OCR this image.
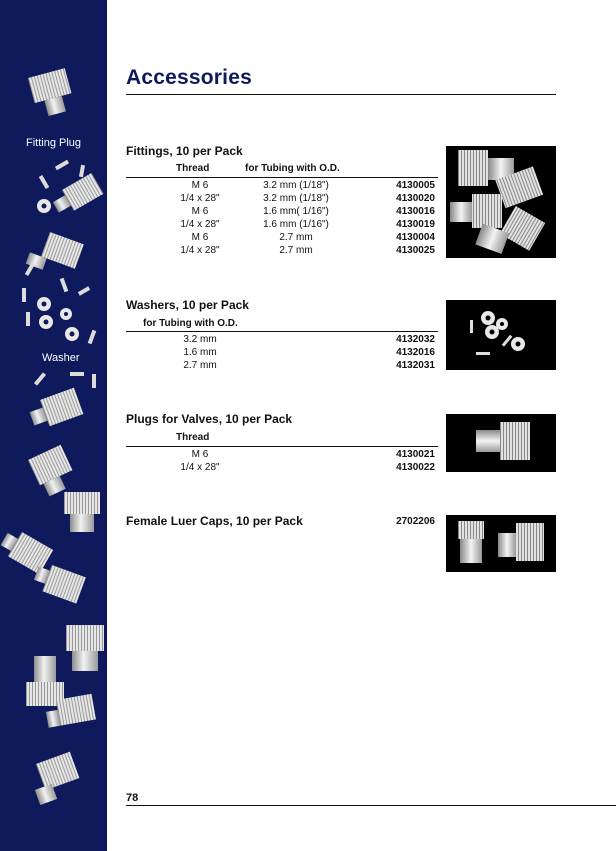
Fitting Plug
Washer
Accessories
Fittings, 10 per Pack
Thread	for Tubing with O.D.
M 6	3.2 mm (1/18")	4130005
1/4 x 28"	3.2 mm (1/18")	4130020
M 6	1.6 mm( 1/16")	4130016
1/4 x 28"	1.6 mm (1/16")	4130019
M 6	2.7 mm	4130004
1/4 x 28"	2.7 mm	4130025
Washers, 10 per Pack
for Tubing with O.D.
3.2 mm	4132032
1.6 mm	4132016
2.7 mm	4132031
Plugs for Valves, 10 per Pack
Thread
M 6	4130021
1/4 x 28"	4130022
Female Luer Caps, 10 per Pack	2702206
78
